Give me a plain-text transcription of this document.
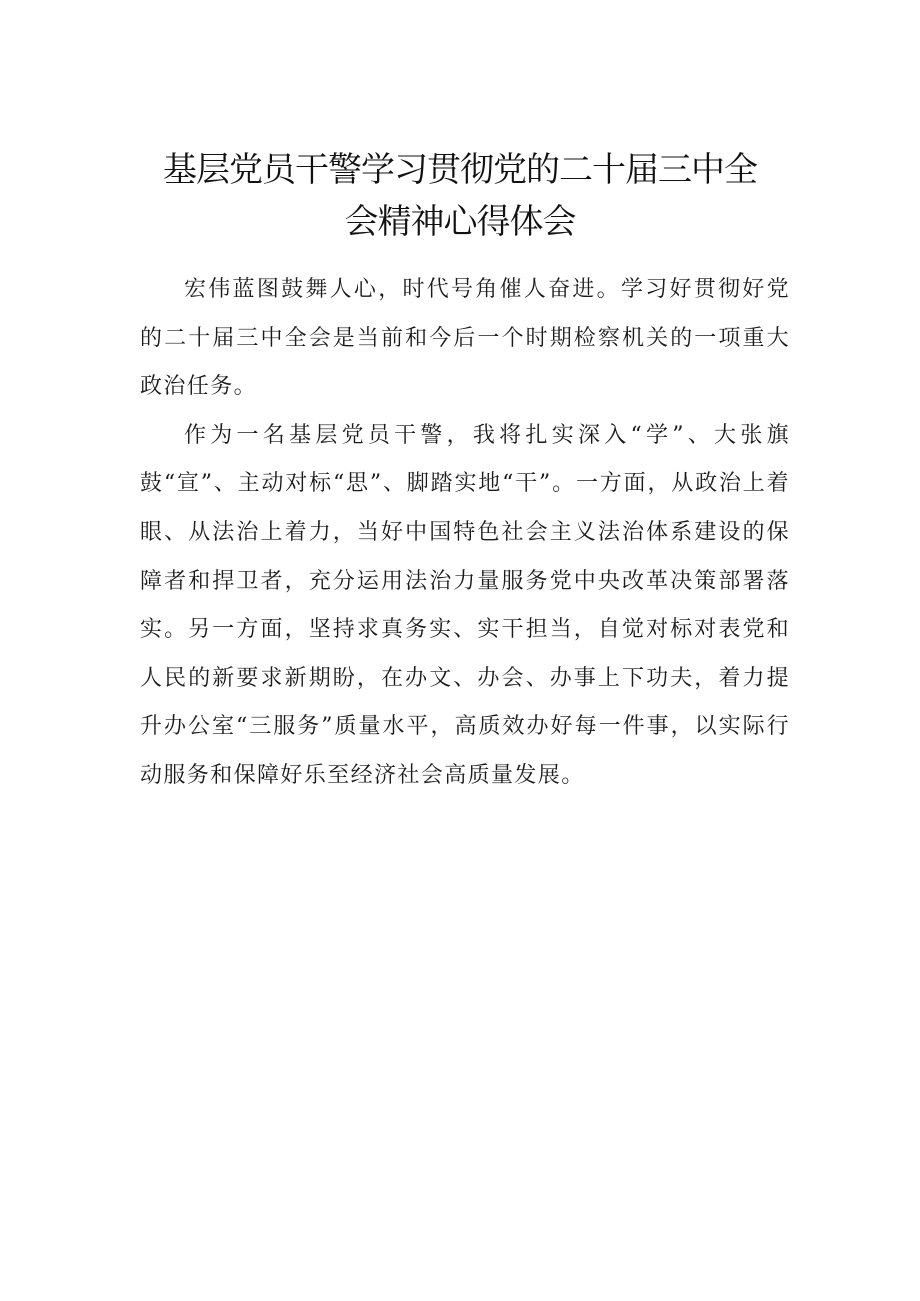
基层党员干警学习贯彻党的二十届三中全
会精神心得体会

宏伟蓝图鼓舞人心，时代号角催人奋进。学习好贯彻好党的二十届三中全会是当前和今后一个时期检察机关的一项重大政治任务。

作为一名基层党员干警，我将扎实深入“学”、大张旗鼓“宣”、主动对标“思”、脚踏实地“干”。一方面，从政治上着眼、从法治上着力，当好中国特色社会主义法治体系建设的保障者和捍卫者，充分运用法治力量服务党中央改革决策部署落实。另一方面，坚持求真务实、实干担当，自觉对标对表党和人民的新要求新期盼，在办文、办会、办事上下功夫，着力提升办公室“三服务”质量水平，高质效办好每一件事，以实际行动服务和保障好乐至经济社会高质量发展。
